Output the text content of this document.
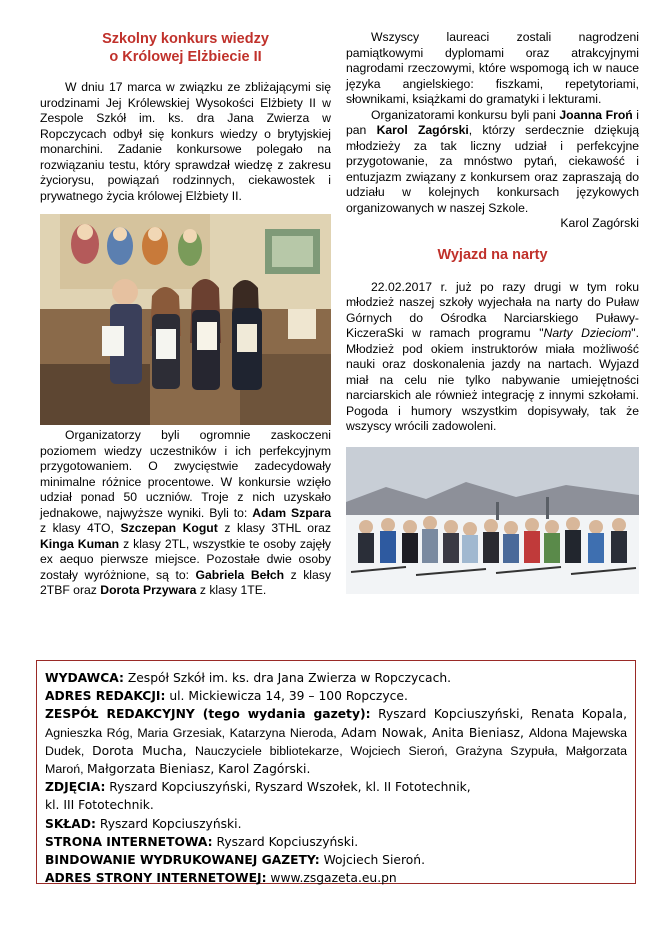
Szkolny konkurs wiedzy
o Królowej Elżbiecie II

W dniu 17 marca w związku ze zbliżającymi się urodzinami Jej Królewskiej Wysokości Elżbiety II w Zespole Szkół im. ks. dra Jana Zwierza w Ropczycach odbył się konkurs wiedzy o brytyjskiej monarchini. Zadanie konkursowe polegało na rozwiązaniu testu, który sprawdzał wiedzę z zakresu życiorysu, powiązań rodzinnych, ciekawostek i prywatnego życia królowej Elżbiety II.

Organizatorzy byli ogromnie zaskoczeni poziomem wiedzy uczestników i ich perfekcyjnym przygotowaniem. O zwycięstwie zadecydowały minimalne różnice procentowe. W konkursie wzięło udział ponad 50 uczniów. Troje z nich uzyskało jednakowe, najwyższe wyniki. Byli to: Adam Szpara z klasy 4TO, Szczepan Kogut z klasy 3THL oraz Kinga Kuman z klasy 2TL, wszystkie te osoby zajęły ex aequo pierwsze miejsce. Pozostałe dwie osoby zostały wyróżnione, są to: Gabriela Bełch z klasy 2TBF oraz Dorota Przywara z klasy 1TE.

Wszyscy laureaci zostali nagrodzeni pamiątkowymi dyplomami oraz atrakcyjnymi nagrodami rzeczowymi, które wspomogą ich w nauce języka angielskiego: fiszkami, repetytoriami, słownikami, książkami do gramatyki i lekturami.

Organizatorami konkursu byli pani Joanna Froń i pan Karol Zagórski, którzy serdecznie dziękują młodzieży za tak liczny udział i perfekcyjne przygotowanie, za mnóstwo pytań, ciekawość i entuzjazm związany z konkursem oraz zapraszają do udziału w kolejnych konkursach językowych organizowanych w naszej Szkole.

Karol Zagórski

Wyjazd na narty

22.02.2017 r. już po razy drugi w tym roku młodzież naszej szkoły wyjechała na narty do Puław Górnych do Ośrodka Narciarskiego Puławy-KiczeraSki w ramach programu "Narty Dzieciom". Młodzież pod okiem instruktorów miała możliwość nauki oraz doskonalenia jazdy na nartach. Wyjazd miał na celu nie tylko nabywanie umiejętności narciarskich ale również integrację z innymi szkołami. Pogoda i humory wszystkim dopisywały, tak że wszyscy wrócili zadowoleni.

WYDAWCA: Zespół Szkół im. ks. dra Jana Zwierza w Ropczycach.

ADRES REDAKCJI: ul. Mickiewicza 14, 39 – 100 Ropczyce.

ZESPÓŁ REDAKCYJNY (tego wydania gazety): Ryszard Kopciuszyński, Renata Kopala, Agnieszka Róg, Maria Grzesiak, Katarzyna Nieroda, Adam Nowak, Anita Bieniasz, Aldona Majewska Dudek, Dorota Mucha, Nauczyciele bibliotekarze, Wojciech Sieroń, Grażyna Szypuła, Małgorzata Maroń, Małgorzata Bieniasz, Karol Zagórski.

ZDJĘCIA: Ryszard Kopciuszyński, Ryszard Wszołek, kl. II Fototechnik,

kl. III Fototechnik.

SKŁAD: Ryszard Kopciuszyński.

STRONA INTERNETOWA: Ryszard Kopciuszyński.

BINDOWANIE WYDRUKOWANEJ GAZETY: Wojciech Sieroń.

ADRES STRONY INTERNETOWEJ: www.zsgazeta.eu.pn
